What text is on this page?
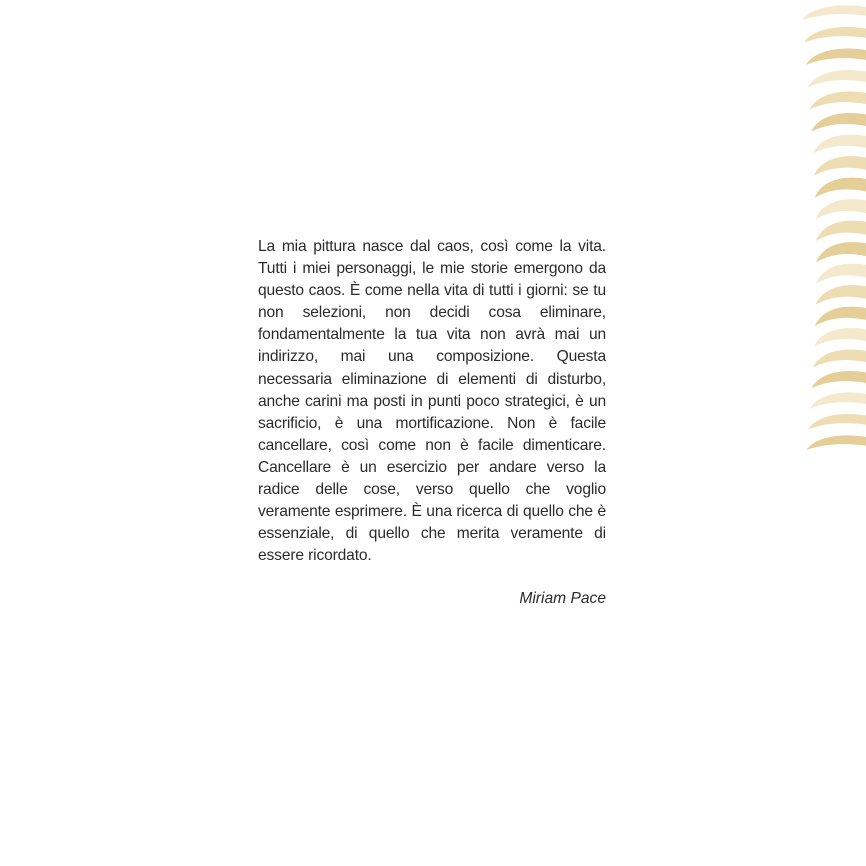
La mia pittura nasce dal caos, così come la vita. Tutti i miei personaggi, le mie storie emergono da questo caos. È come nella vita di tutti i giorni: se tu non selezioni, non decidi cosa eliminare, fondamentalmente la tua vita non avrà mai un indirizzo, mai una composizione. Questa necessaria eliminazione di elementi di disturbo, anche carini ma posti in punti poco strategici, è un sacrificio, è una mortificazione. Non è facile cancellare, così come non è facile dimenticare. Cancellare è un esercizio per andare verso la radice delle cose, verso quello che voglio veramente esprimere. È una ricerca di quello che è essenziale, di quello che merita veramente di essere ricordato.

Miriam Pace
